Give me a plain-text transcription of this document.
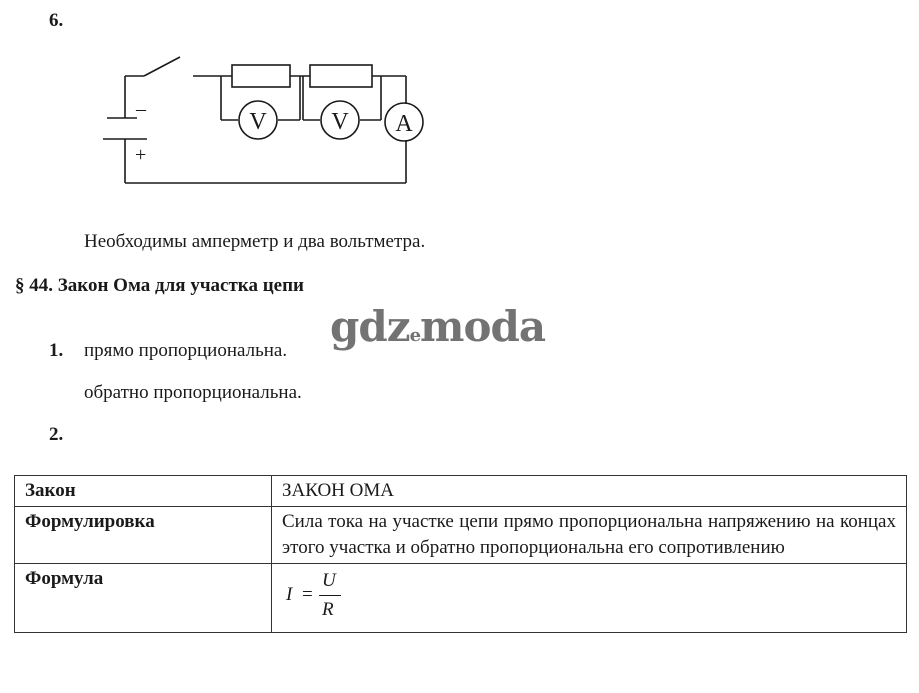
6.
V	V A
–
+
Необходимы амперметр и два вольтметра.
§ 44. Закон Ома для участка цепи
1. прямо пропорциональна.
обратно пропорциональна.
gdzemoda
2.
Закон	ЗАКОН ОМА
Формулировка	Сила тока на участке цепи прямо пропорциональна напряжению на концах этого участка и обратно пропорциональна его сопротивлению
Формула	I =
U
R
